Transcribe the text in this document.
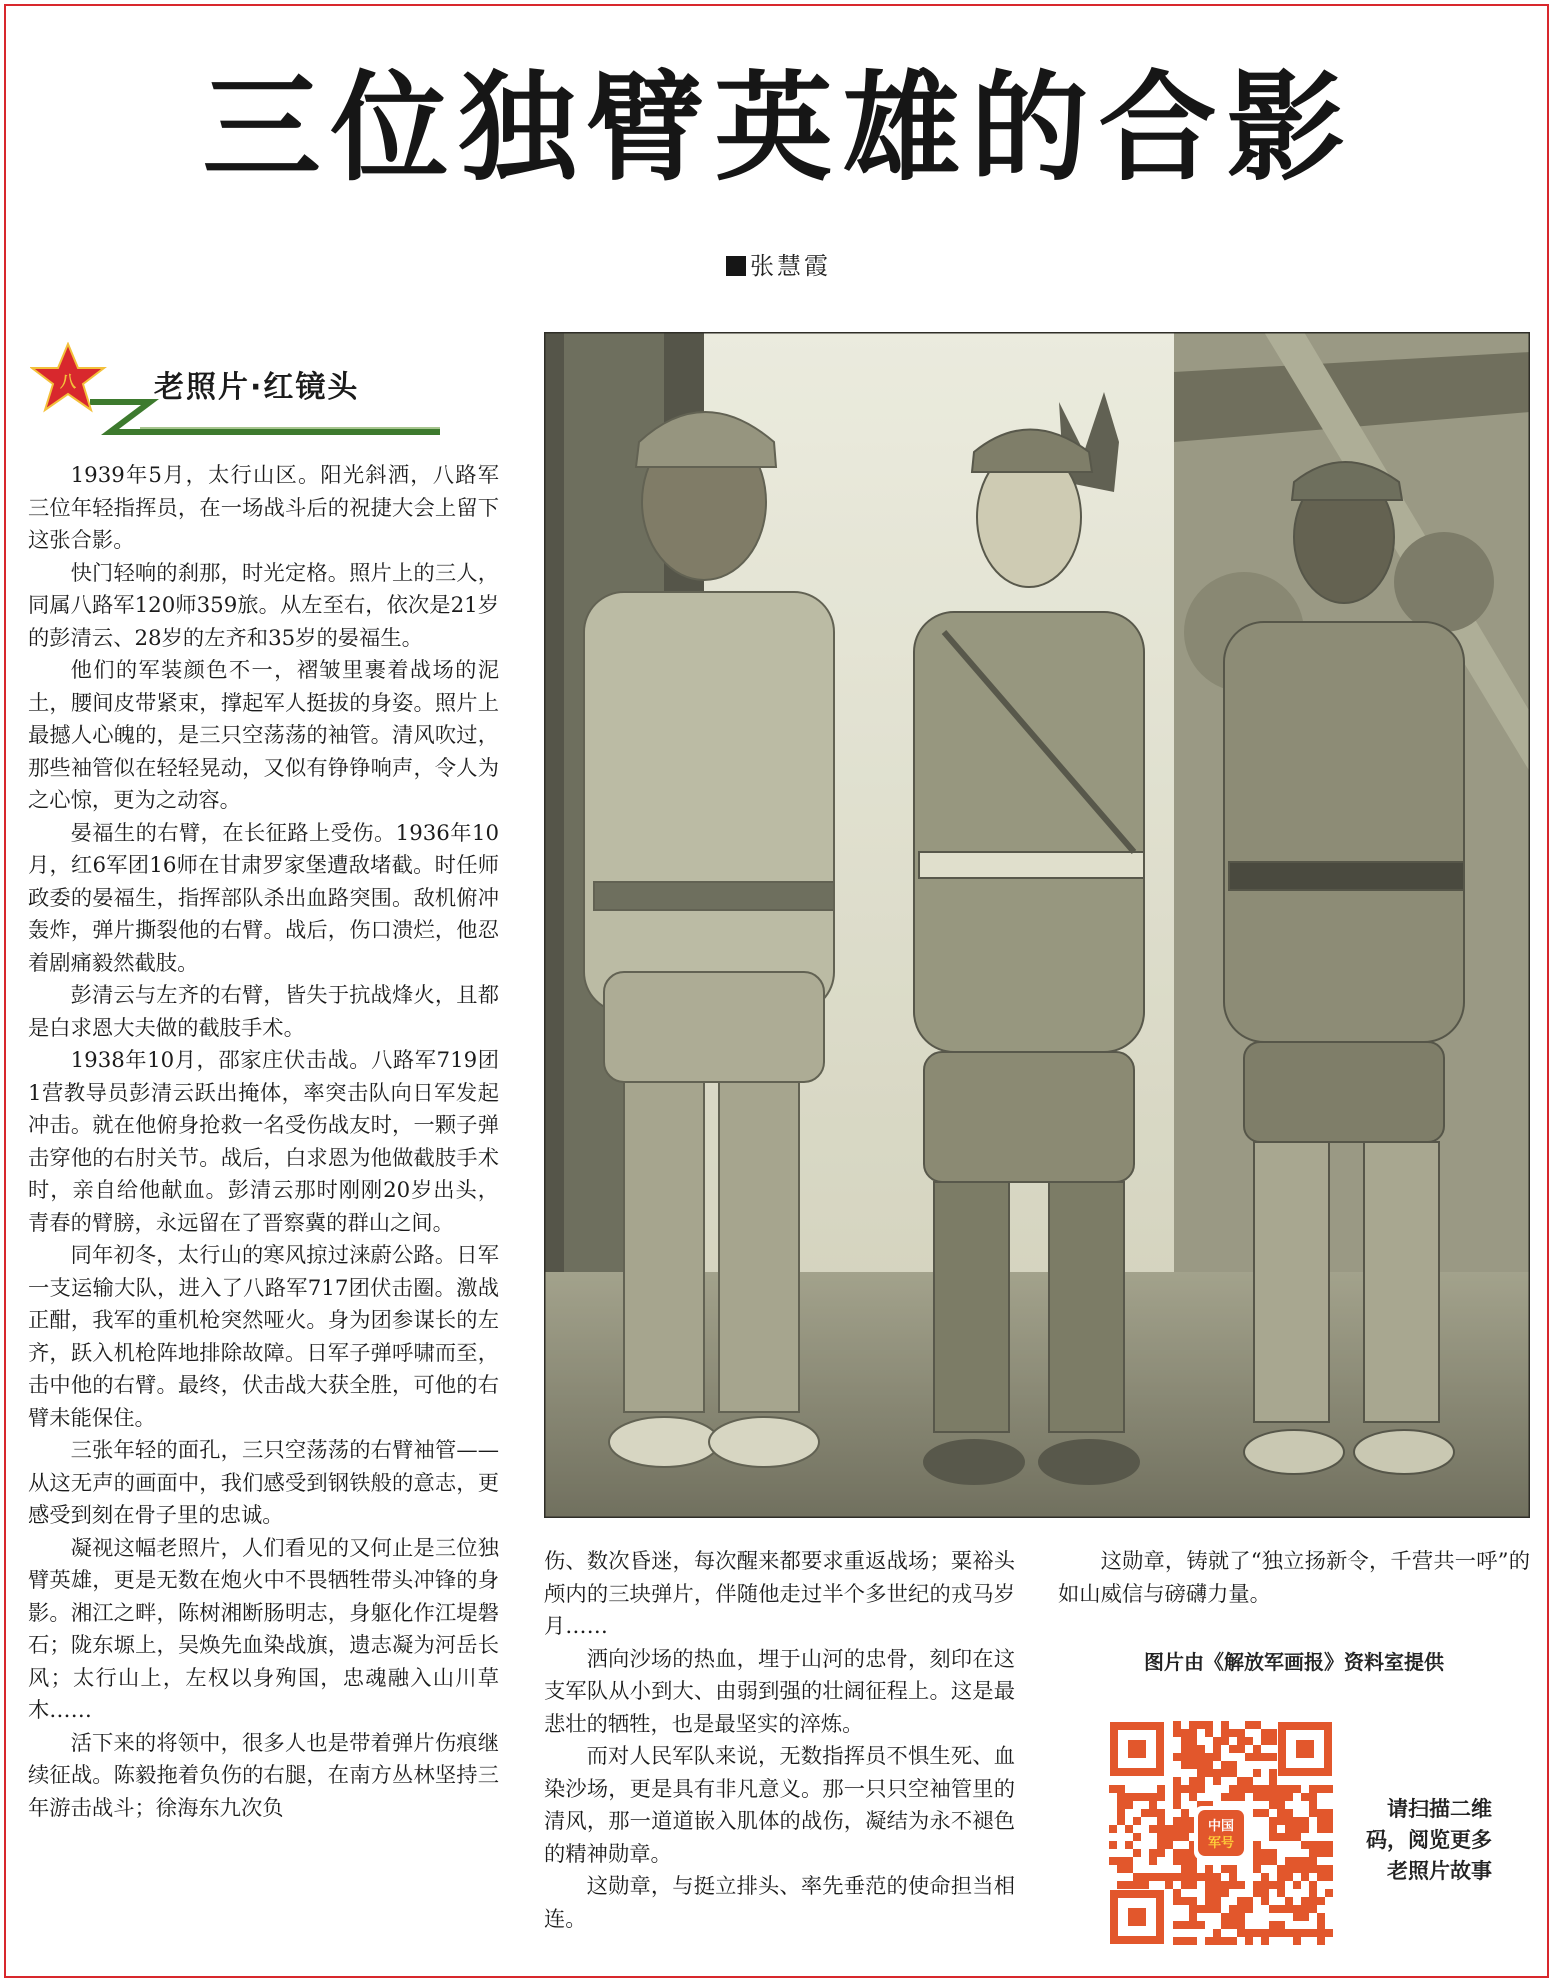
三位独臂英雄的合影
张慧霞
八	老照片·红镜头

1939年5月，太行山区。阳光斜洒，八路军三位年轻指挥员，在一场战斗后的祝捷大会上留下这张合影。

快门轻响的刹那，时光定格。照片上的三人，同属八路军120师359旅。从左至右，依次是21岁的彭清云、28岁的左齐和35岁的晏福生。

他们的军装颜色不一，褶皱里裹着战场的泥土，腰间皮带紧束，撑起军人挺拔的身姿。照片上最撼人心魄的，是三只空荡荡的袖管。清风吹过，那些袖管似在轻轻晃动，又似有铮铮响声，令人为之心惊，更为之动容。

晏福生的右臂，在长征路上受伤。1936年10月，红6军团16师在甘肃罗家堡遭敌堵截。时任师政委的晏福生，指挥部队杀出血路突围。敌机俯冲轰炸，弹片撕裂他的右臂。战后，伤口溃烂，他忍着剧痛毅然截肢。

彭清云与左齐的右臂，皆失于抗战烽火，且都是白求恩大夫做的截肢手术。

1938年10月，邵家庄伏击战。八路军719团1营教导员彭清云跃出掩体，率突击队向日军发起冲击。就在他俯身抢救一名受伤战友时，一颗子弹击穿他的右肘关节。战后，白求恩为他做截肢手术时，亲自给他献血。彭清云那时刚刚20岁出头，青春的臂膀，永远留在了晋察冀的群山之间。

同年初冬，太行山的寒风掠过涞蔚公路。日军一支运输大队，进入了八路军717团伏击圈。激战正酣，我军的重机枪突然哑火。身为团参谋长的左齐，跃入机枪阵地排除故障。日军子弹呼啸而至，击中他的右臂。最终，伏击战大获全胜，可他的右臂未能保住。

三张年轻的面孔，三只空荡荡的右臂袖管——从这无声的画面中，我们感受到钢铁般的意志，更感受到刻在骨子里的忠诚。

凝视这幅老照片，人们看见的又何止是三位独臂英雄，更是无数在炮火中不畏牺牲带头冲锋的身影。湘江之畔，陈树湘断肠明志，身躯化作江堤磐石；陇东塬上，吴焕先血染战旗，遗志凝为河岳长风；太行山上，左权以身殉国，忠魂融入山川草木……

活下来的将领中，很多人也是带着弹片伤痕继续征战。陈毅拖着负伤的右腿，在南方丛林坚持三年游击战斗；徐海东九次负

伤、数次昏迷，每次醒来都要求重返战场；粟裕头颅内的三块弹片，伴随他走过半个多世纪的戎马岁月……

洒向沙场的热血，埋于山河的忠骨，刻印在这支军队从小到大、由弱到强的壮阔征程上。这是最悲壮的牺牲，也是最坚实的淬炼。

而对人民军队来说，无数指挥员不惧生死、血染沙场，更是具有非凡意义。那一只只空袖管里的清风，那一道道嵌入肌体的战伤，凝结为永不褪色的精神勋章。

这勋章，与挺立排头、率先垂范的使命担当相连。

这勋章，铸就了“独立扬新令，千营共一呼”的如山威信与磅礴力量。

图片由《解放军画报》资料室提供
中国
军号
请扫描二维码，阅览更多老照片故事
